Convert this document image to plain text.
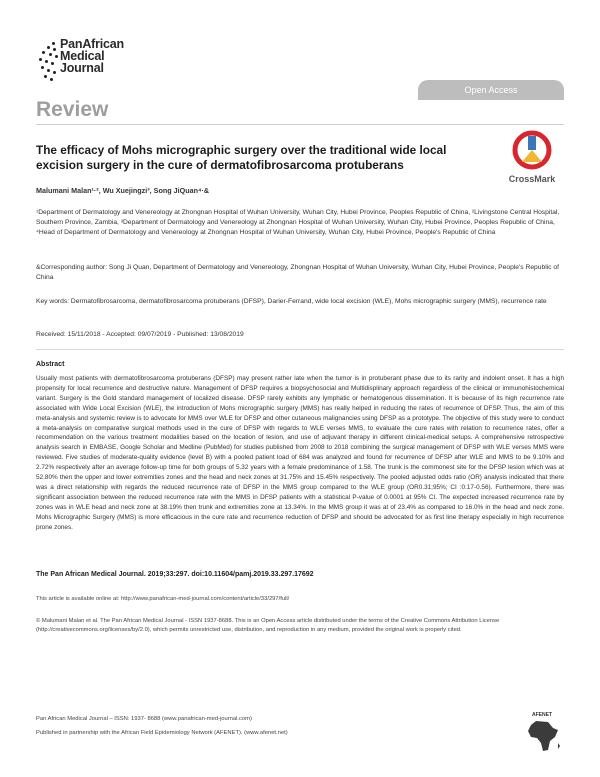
PanAfrican
Medical
Journal
Open Access
Review
The efficacy of Mohs micrographic surgery over the traditional wide local excision surgery in the cure of dermatofibrosarcoma protuberans
CrossMark
Malumani Malan¹·², Wu Xuejingzi³, Song JiQuan⁴·&
¹Department of Dermatology and Venereology at Zhongnan Hospital of Wuhan University, Wuhan City, Hubei Province, Peoples Republic of China, ²Livingstone Central Hospital, Southern Province, Zambia, ³Department of Dermatology and Venereology at Zhongnan Hospital of Wuhan University, Wuhan City, Hubei Province, Peoples Republic of China, ⁴Head of Department of Dermatology and Venereology at Zhongnan Hospital of Wuhan University, Wuhan City, Hubei Province, People's Republic of China
&Corresponding author: Song Ji Quan, Department of Dermatology and Venereology, Zhongnan Hospital of Wuhan University, Wuhan City, Hubei Province, People's Republic of China
Key words: Dermatofibrosarcoma, dermatofibrosarcoma protuberans (DFSP), Darier-Ferrand, wide local excision (WLE), Mohs micrographic surgery (MMS), recurrence rate
Received: 15/11/2018 - Accepted: 09/07/2019 - Published: 13/08/2019
Abstract
Usually most patients with dermatofibrosarcoma protuberans (DFSP) may present rather late when the tumor is in protuberant phase due to its rarity and indolent onset. It has a high propensity for local recurrence and destructive nature. Management of DFSP requires a biopsychosocial and Multidisplinary approach regardless of the clinical or immunohistochemical variant. Surgery is the Gold standard management of localized disease. DFSP rarely exhibits any lymphatic or hematogenous dissemination. It is because of its high recurrence rate associated with Wide Local Excision (WLE), the introduction of Mohs micrographic surgery (MMS) has really helped in reducing the rates of recurrence of DFSP. Thus, the aim of this meta-analysis and systemic review is to advocate for MMS over WLE for DFSP and other cutaneous malignancies using DFSP as a prototype. The objective of this study were to conduct a meta-analysis on comparative surgical methods used in the cure of DFSP with regards to WLE verses MMS, to evaluate the cure rates with relation to recurrence rates, offer a recommendation on the various treatment modalities based on the location of lesion, and use of adjuvant therapy in different clinical-medical setups. A comprehensive retrospective analysis search in EMBASE, Google Scholar and Medline (PubMed) for studies published from 2008 to 2018 combining the surgical management of DFSP with WLE verses MMS were reviewed. Five studies of moderate-quality evidence (level B) with a pooled patient load of 684 was analyzed and found for recurrence of DFSP after WLE and MMS to be 9.10% and 2.72% respectively after an average follow-up time for both groups of 5.32 years with a female predominance of 1.58. The trunk is the commonest site for the DFSP lesion which was at 52.80% then the upper and lower extremities zones and the head and neck zones at 31.75% and 15.45% respectively. The pooled adjusted odds ratio (OR) analysis indicated that there was a direct relationship with regards the reduced recurrence rate of DFSP in the MMS group compared to the WLE group (OR0.31;95%; CI :0.17-0.56). Furthermore, there was significant association between the reduced recurrence rate with the MMS in DFSP patients with a statistical P-value of 0.0001 at 95% CI. The expected increased recurrence rate by zones was in WLE head and neck zone at 38.19% then trunk and extremities zone at 13.34%. In the MMS group it was at of 23.4% as compared to 16.0% in the head and neck zone. Mohs Micrographic Surgery (MMS) is more efficacious in the cure rate and recurrence reduction of DFSP and should be advocated for as first line therapy especially in high recurrence prone zones.
The Pan African Medical Journal. 2019;33:297. doi:10.11604/pamj.2019.33.297.17692
This article is available online at: http://www.panafrican-med-journal.com/content/article/33/297/full/
© Malumani Malan et al. The Pan African Medical Journal - ISSN 1937-8688. This is an Open Access article distributed under the terms of the Creative Commons Attribution License (http://creativecommons.org/licenses/by/2.0), which permits unrestricted use, distribution, and reproduction in any medium, provided the original work is properly cited.
Pan African Medical Journal – ISSN: 1937- 8688 (www.panafrican-med-journal.com)
Published in partnership with the African Field Epidemiology Network (AFENET). (www.afenet.net)
AFENET
